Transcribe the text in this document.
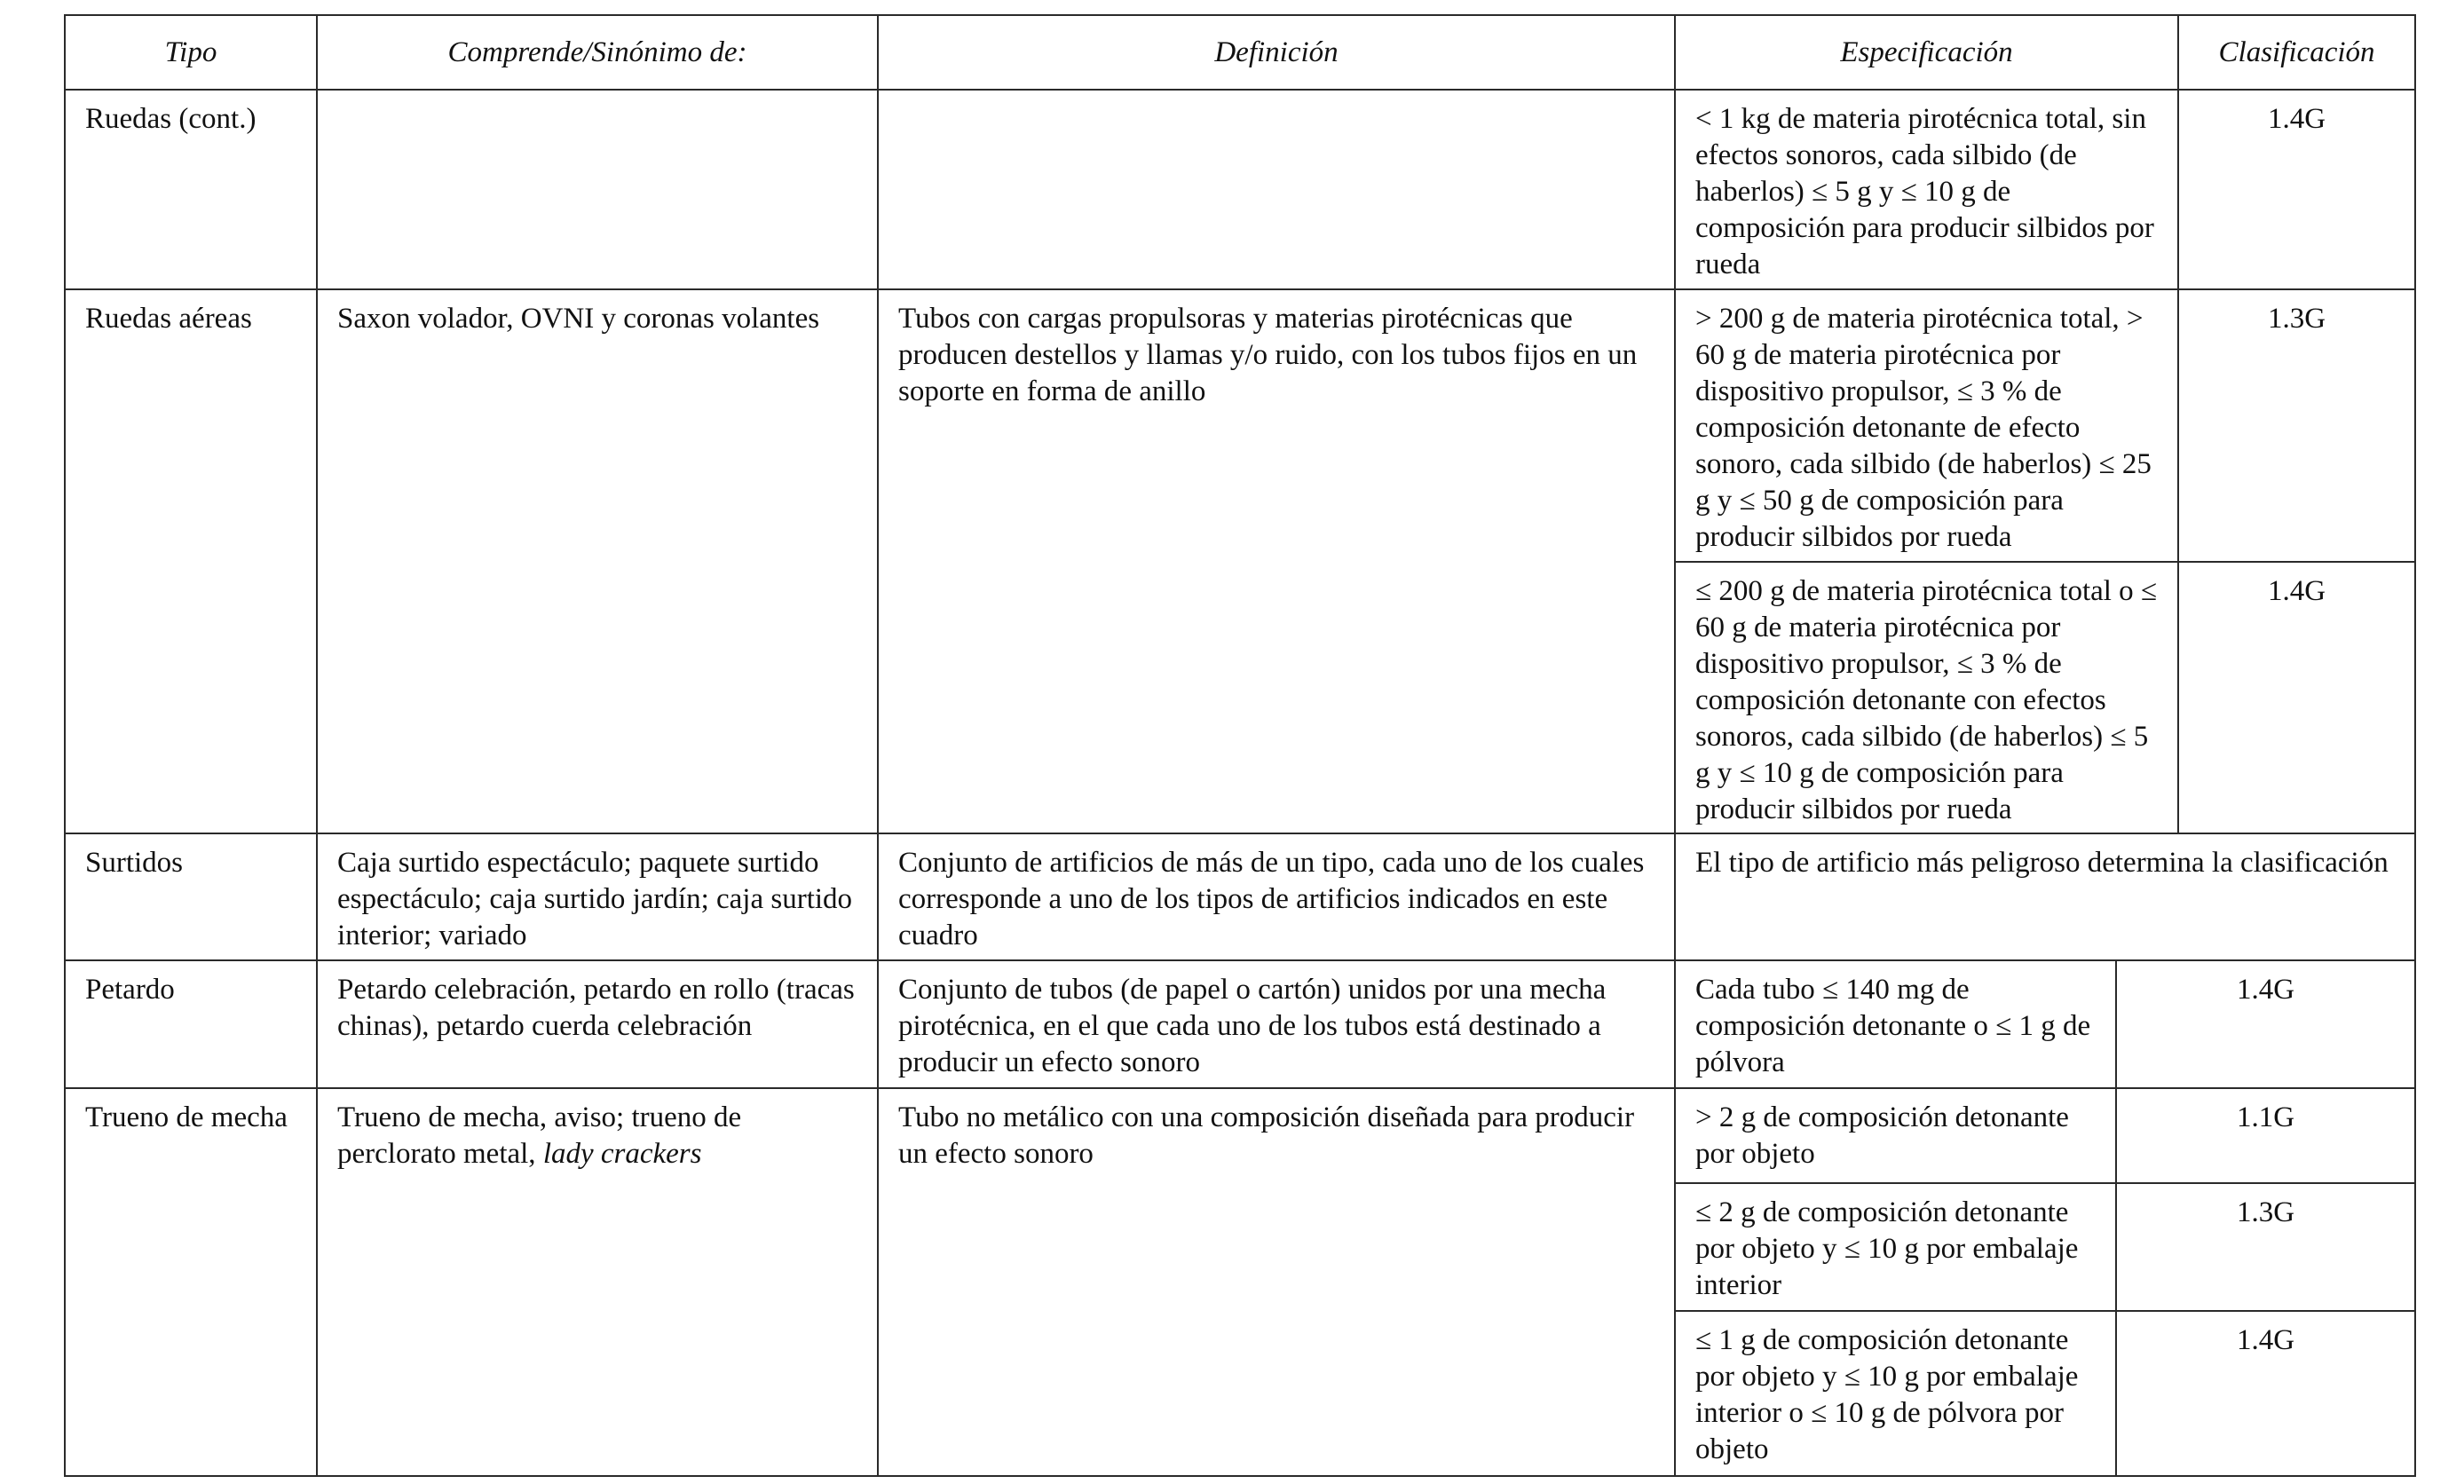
Tipo	Comprende/Sinónimo de:	Definición	Especificación		Clasificación
Ruedas (cont.)			< 1 kg de materia pirotécnica total, sin efectos sonoros, cada silbido (de haberlos) ≤ 5 g y ≤ 10 g de composición para producir silbidos por rueda		1.4G
Ruedas aéreas	Saxon volador, OVNI y coronas volantes	Tubos con cargas propulsoras y materias pirotécnicas que producen destellos y llamas y/o ruido, con los tubos fijos en un soporte en forma de anillo	> 200 g de materia pirotécnica total, > 60 g de materia pirotécnica por dispositivo propulsor, ≤ 3 % de composición detonante de efecto sonoro, cada silbido (de haberlos) ≤ 25 g y ≤ 50 g de composición para producir silbidos por rueda		1.3G
			≤ 200 g de materia pirotécnica total o ≤ 60 g de materia pirotécnica por dispositivo propulsor, ≤ 3 % de composición detonante con efectos sonoros, cada silbido (de haberlos) ≤ 5 g y ≤ 10 g de composición para producir silbidos por rueda		1.4G
Surtidos	Caja surtido espectáculo; paquete surtido espectáculo; caja surtido jardín; caja surtido interior; variado	Conjunto de artificios de más de un tipo, cada uno de los cuales corresponde a uno de los tipos de artificios indicados en este cuadro	El tipo de artificio más peligroso determina la clasificación		
Petardo	Petardo celebración, petardo en rollo (tracas chinas), petardo cuerda celebración	Conjunto de tubos (de papel o cartón) unidos por una mecha pirotécnica, en el que cada uno de los tubos está destinado a producir un efecto sonoro	Cada tubo ≤ 140 mg de composición detonante o ≤ 1 g de pólvora	1.4G	
Trueno de mecha	Trueno de mecha, aviso; trueno de perclorato metal, lady crackers	Tubo no metálico con una composición diseñada para producir un efecto sonoro	> 2 g de composición detonante por objeto	1.1G	
			≤ 2 g de composición detonante por objeto y ≤ 10 g por embalaje interior	1.3G	
			≤ 1 g de composición detonante por objeto y ≤ 10 g por embalaje interior o ≤ 10 g de pólvora por objeto	1.4G	
